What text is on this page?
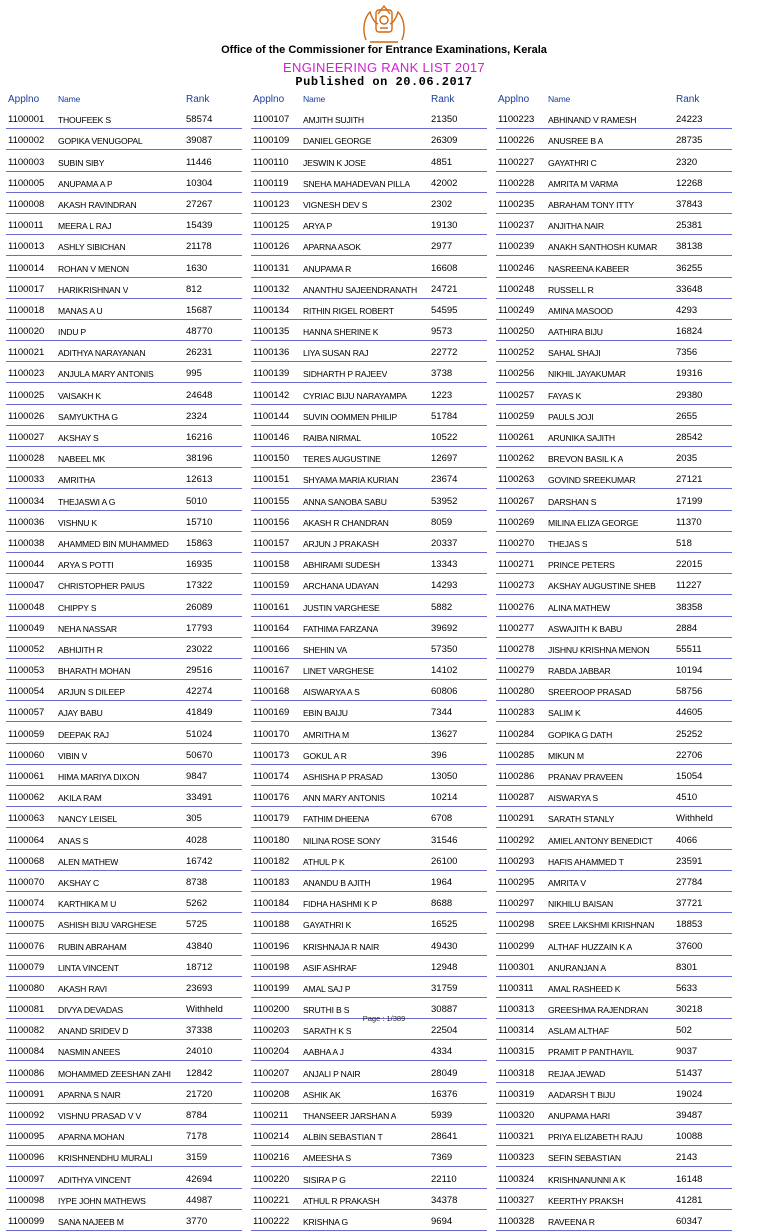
Office of the Commissioner for Entrance Examinations, Kerala
ENGINEERING RANK LIST 2017
Published on 20.06.2017
Applno Name	Rank
1100001 THOUFEEK S	58574
1100002 GOPIKA VENUGOPAL	39087
1100003 SUBIN SIBY	11446
1100005 ANUPAMA A P	10304
1100008 AKASH RAVINDRAN	27267
1100011 MEERA L RAJ	15439
1100013 ASHLY SIBICHAN	21178
1100014 ROHAN V MENON	1630
1100017 HARIKRISHNAN V	812
1100018 MANAS A U	15687
1100020 INDU P	48770
1100021 ADITHYA NARAYANAN	26231
1100023 ANJULA MARY ANTONIS	995
1100025 VAISAKH K	24648
1100026 SAMYUKTHA G	2324
1100027 AKSHAY S	16216
1100028 NABEEL MK	38196
1100033 AMRITHA	12613
1100034 THEJASWI A G	5010
1100036 VISHNU K	15710
1100038 AHAMMED BIN MUHAMMED 15863
1100044 ARYA S POTTI	16935
1100047 CHRISTOPHER PAIUS	17322
1100048 CHIPPY S	26089
1100049 NEHA NASSAR	17793
1100052 ABHIJITH R	23022
1100053 BHARATH MOHAN	29516
1100054 ARJUN S DILEEP	42274
1100057 AJAY BABU	41849
1100059 DEEPAK RAJ	51024
1100060 VIBIN V	50670
1100061 HIMA MARIYA DIXON	9847
1100062 AKILA RAM	33491
1100063 NANCY LEISEL	305
1100064 ANAS S	4028
1100068 ALEN MATHEW	16742
1100070 AKSHAY C	8738
1100074 KARTHIKA M U	5262
1100075 ASHISH BIJU VARGHESE	5725
1100076 RUBIN ABRAHAM	43840
1100079 LINTA VINCENT	18712
1100080 AKASH RAVI	23693
1100081 DIVYA DEVADAS	Withheld
1100082 ANAND SRIDEV D	37338
1100084 NASMIN ANEES	24010
1100086 MOHAMMED ZEESHAN ZAHI 12842
1100091 APARNA S NAIR	21720
1100092 VISHNU PRASAD V V	8784
1100095 APARNA MOHAN	7178
1100096 KRISHNENDHU MURALI	3159
1100097 ADITHYA VINCENT	42694
1100098 IYPE JOHN MATHEWS	44987
1100099 SANA NAJEEB M	3770
Applno Name	Rank
1100107 AMJITH SUJITH	21350
1100109 DANIEL GEORGE	26309
1100110 JESWIN K JOSE	4851
1100119 SNEHA MAHADEVAN PILLA 42002
1100123 VIGNESH DEV S	2302
1100125 ARYA P	19130
1100126 APARNA ASOK	2977
1100131 ANUPAMA R	16608
1100132 ANANTHU SAJEENDRANATH 24721
1100134 RITHIN RIGEL ROBERT	54595
1100135 HANNA SHERINE K	9573
1100136 LIYA SUSAN RAJ	22772
1100139 SIDHARTH P RAJEEV	3738
1100142 CYRIAC BIJU NARAYAMPA	1223
1100144 SUVIN OOMMEN PHILIP	51784
1100146 RAIBA NIRMAL	10522
1100150 TERES AUGUSTINE	12697
1100151 SHYAMA MARIA KURIAN	23674
1100155 ANNA SANOBA SABU	53952
1100156 AKASH R CHANDRAN	8059
1100157 ARJUN J PRAKASH	20337
1100158 ABHIRAMI SUDESH	13343
1100159 ARCHANA UDAYAN	14293
1100161 JUSTIN VARGHESE	5882
1100164 FATHIMA FARZANA	39692
1100166 SHEHIN VA	57350
1100167 LINET VARGHESE	14102
1100168 AISWARYA A S	60806
1100169 EBIN BAIJU	7344
1100170 AMRITHA M	13627
1100173 GOKUL A R	396
1100174 ASHISHA P PRASAD	13050
1100176 ANN MARY ANTONIS	10214
1100179 FATHIM DHEENA	6708
1100180 NILINA ROSE SONY	31546
1100182 ATHUL P K	26100
1100183 ANANDU B AJITH	1964
1100184 FIDHA HASHMI K P	8688
1100188 GAYATHRI K	16525
1100196 KRISHNAJA R NAIR	49430
1100198 ASIF ASHRAF	12948
1100199 AMAL SAJ P	31759
1100200 SRUTHI B S	30887
1100203 SARATH K S	22504
1100204 AABHA A J	4334
1100207 ANJALI P NAIR	28049
1100208 ASHIK AK	16376
1100211 THANSEER JARSHAN A	5939
1100214 ALBIN SEBASTIAN T	28641
1100216 AMEESHA S	7369
1100220 SISIRA P G	22110
1100221 ATHUL R PRAKASH	34378
1100222 KRISHNA G	9694
Applno Name	Rank
1100223 ABHINAND V RAMESH	24223
1100226 ANUSREE B A	28735
1100227 GAYATHRI C	2320
1100228 AMRITA M VARMA	12268
1100235 ABRAHAM TONY ITTY	37843
1100237 ANJITHA NAIR	25381
1100239 ANAKH SANTHOSH KUMAR 38138
1100246 NASREENA KABEER	36255
1100248 RUSSELL R	33648
1100249 AMINA MASOOD	4293
1100250 AATHIRA BIJU	16824
1100252 SAHAL SHAJI	7356
1100256 NIKHIL JAYAKUMAR	19316
1100257 FAYAS K	29380
1100259 PAULS JOJI	2655
1100261 ARUNIKA SAJITH	28542
1100262 BREVON BASIL K A	2035
1100263 GOVIND SREEKUMAR	27121
1100267 DARSHAN S	17199
1100269 MILINA ELIZA GEORGE	11370
1100270 THEJAS S	518
1100271 PRINCE PETERS	22015
1100273 AKSHAY AUGUSTINE SHEB 11227
1100276 ALINA MATHEW	38358
1100277 ASWAJITH K BABU	2884
1100278 JISHNU KRISHNA MENON	55511
1100279 RABDA JABBAR	10194
1100280 SREEROOP PRASAD	58756
1100283 SALIM K	44605
1100284 GOPIKA G DATH	25252
1100285 MIKUN M	22706
1100286 PRANAV PRAVEEN	15054
1100287 AISWARYA S	4510
1100291 SARATH STANLY	Withheld
1100292 AMIEL ANTONY BENEDICT 4066
1100293 HAFIS AHAMMED T	23591
1100295 AMRITA V	27784
1100297 NIKHILU BAISAN	37721
1100298 SREE LAKSHMI KRISHNAN 18853
1100299 ALTHAF HUZZAIN K A	37600
1100301 ANURANJAN A	8301
1100311 AMAL RASHEED K	5633
1100313 GREESHMA RAJENDRAN	30218
1100314 ASLAM ALTHAF	502
1100315 PRAMIT P PANTHAYIL	9037
1100318 REJAA JEWAD	51437
1100319 AADARSH T BIJU	19024
1100320 ANUPAMA HARI	39487
1100321 PRIYA ELIZABETH RAJU	10088
1100323 SEFIN SEBASTIAN	2143
1100324 KRISHNANUNNI A K	16148
1100327 KEERTHY PRAKSH	41281
1100328 RAVEENA R	60347
Page : 1/389
